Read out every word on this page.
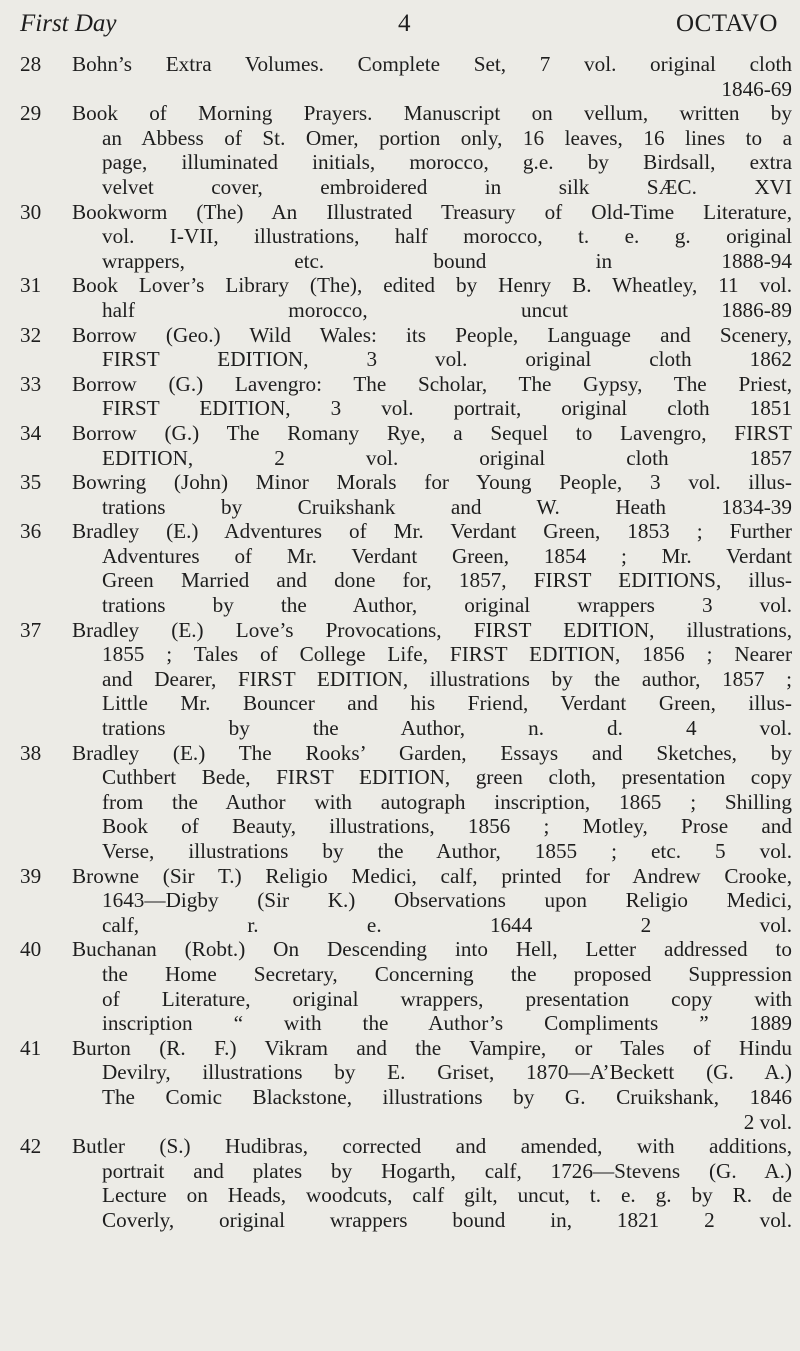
First Day	4	OCTAVO
28	Bohn’s Extra Volumes. Complete Set, 7 vol. original cloth
1846-69
29	Book of Morning Prayers. Manuscript on vellum, written by
an Abbess of St. Omer, portion only, 16 leaves, 16 lines to a
page, illuminated initials, morocco, g.e. by Birdsall, extra
velvet cover, embroidered in silk SÆC. XVI
30	Bookworm (The) An Illustrated Treasury of Old-Time Literature,
vol. I-VII, illustrations, half morocco, t. e. g. original
wrappers, etc. bound in 1888-94
31	Book Lover’s Library (The), edited by Henry B. Wheatley, 11 vol.
half morocco, uncut 1886-89
32	Borrow (Geo.) Wild Wales: its People, Language and Scenery,
FIRST EDITION, 3 vol. original cloth 1862
33	Borrow (G.) Lavengro: The Scholar, The Gypsy, The Priest,
FIRST EDITION, 3 vol. portrait, original cloth 1851
34	Borrow (G.) The Romany Rye, a Sequel to Lavengro, FIRST
EDITION, 2 vol. original cloth 1857
35	Bowring (John) Minor Morals for Young People, 3 vol. illus-
trations by Cruikshank and W. Heath 1834-39
36	Bradley (E.) Adventures of Mr. Verdant Green, 1853 ; Further
Adventures of Mr. Verdant Green, 1854 ; Mr. Verdant
Green Married and done for, 1857, FIRST EDITIONS, illus-
trations by the Author, original wrappers 3 vol.
37	Bradley (E.) Love’s Provocations, FIRST EDITION, illustrations,
1855 ; Tales of College Life, FIRST EDITION, 1856 ; Nearer
and Dearer, FIRST EDITION, illustrations by the author, 1857 ;
Little Mr. Bouncer and his Friend, Verdant Green, illus-
trations by the Author, n. d. 4 vol.
38	Bradley (E.) The Rooks’ Garden, Essays and Sketches, by
Cuthbert Bede, FIRST EDITION, green cloth, presentation copy
from the Author with autograph inscription, 1865 ; Shilling
Book of Beauty, illustrations, 1856 ; Motley, Prose and
Verse, illustrations by the Author, 1855 ; etc. 5 vol.
39	Browne (Sir T.) Religio Medici, calf, printed for Andrew Crooke,
1643—Digby (Sir K.) Observations upon Religio Medici,
calf, r. e. 1644 2 vol.
40	Buchanan (Robt.) On Descending into Hell, Letter addressed to
the Home Secretary, Concerning the proposed Suppression
of Literature, original wrappers, presentation copy with
inscription “ with the Author’s Compliments ” 1889
41	Burton (R. F.) Vikram and the Vampire, or Tales of Hindu
Devilry, illustrations by E. Griset, 1870—A’Beckett (G. A.)
The Comic Blackstone, illustrations by G. Cruikshank, 1846
2 vol.
42	Butler (S.) Hudibras, corrected and amended, with additions,
portrait and plates by Hogarth, calf, 1726—Stevens (G. A.)
Lecture on Heads, woodcuts, calf gilt, uncut, t. e. g. by R. de
Coverly, original wrappers bound in, 1821 2 vol.
